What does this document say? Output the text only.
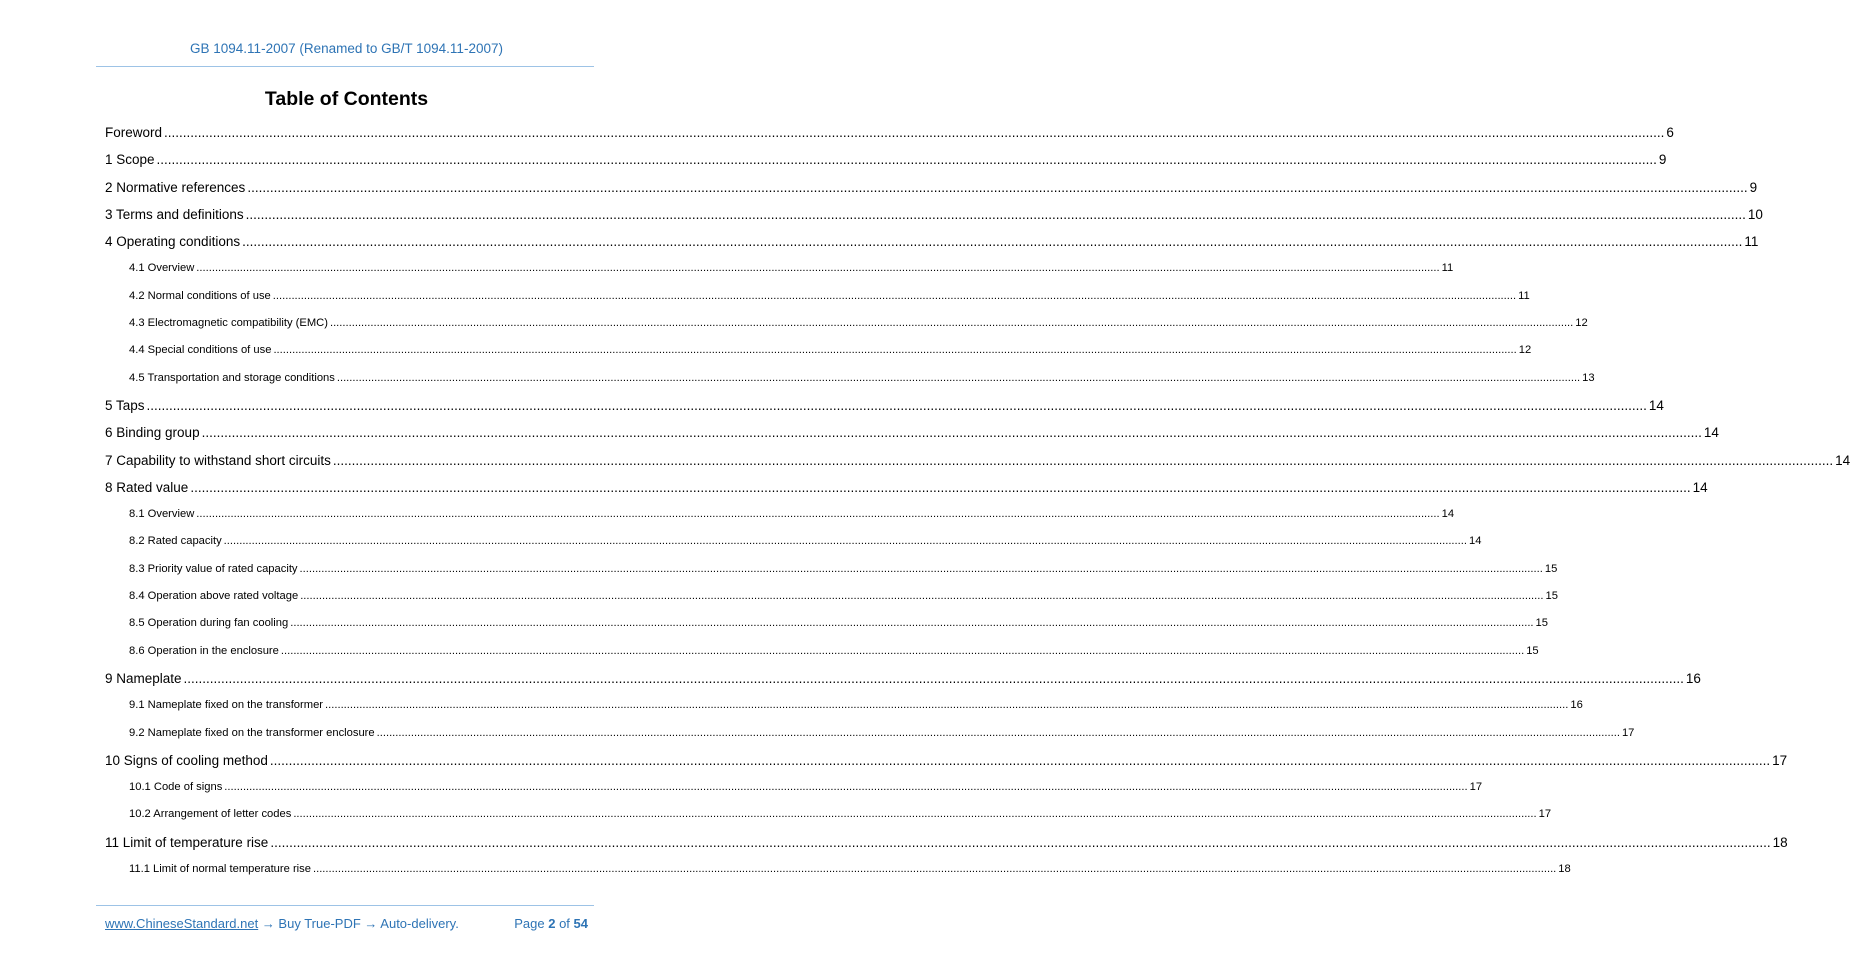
GB 1094.11-2007 (Renamed to GB/T 1094.11-2007)
Table of Contents
Foreword ................................................................................................................................................................................................................................................................................................................................................................................................................ 6
1 Scope ................................................................................................................................................................................................................................................................................................................................................................................................................ 9
2 Normative references ................................................................................................................................................................................................................................................................................................................................................................................................................ 9
3 Terms and definitions ................................................................................................................................................................................................................................................................................................................................................................................................................ 10
4 Operating conditions ................................................................................................................................................................................................................................................................................................................................................................................................................ 11
4.1 Overview ................................................................................................................................................................................................................................................................................................................................................................................................................ 11
4.2 Normal conditions of use ................................................................................................................................................................................................................................................................................................................................................................................................................ 11
4.3 Electromagnetic compatibility (EMC) ................................................................................................................................................................................................................................................................................................................................................................................................................ 12
4.4 Special conditions of use ................................................................................................................................................................................................................................................................................................................................................................................................................ 12
4.5 Transportation and storage conditions ................................................................................................................................................................................................................................................................................................................................................................................................................ 13
5 Taps ................................................................................................................................................................................................................................................................................................................................................................................................................ 14
6 Binding group ................................................................................................................................................................................................................................................................................................................................................................................................................ 14
7 Capability to withstand short circuits ................................................................................................................................................................................................................................................................................................................................................................................................................ 14
8 Rated value ................................................................................................................................................................................................................................................................................................................................................................................................................ 14
8.1 Overview ................................................................................................................................................................................................................................................................................................................................................................................................................ 14
8.2 Rated capacity ................................................................................................................................................................................................................................................................................................................................................................................................................ 14
8.3 Priority value of rated capacity ................................................................................................................................................................................................................................................................................................................................................................................................................ 15
8.4 Operation above rated voltage ................................................................................................................................................................................................................................................................................................................................................................................................................ 15
8.5 Operation during fan cooling ................................................................................................................................................................................................................................................................................................................................................................................................................ 15
8.6 Operation in the enclosure ................................................................................................................................................................................................................................................................................................................................................................................................................ 15
9 Nameplate ................................................................................................................................................................................................................................................................................................................................................................................................................ 16
9.1 Nameplate fixed on the transformer ................................................................................................................................................................................................................................................................................................................................................................................................................ 16
9.2 Nameplate fixed on the transformer enclosure ................................................................................................................................................................................................................................................................................................................................................................................................................ 17
10 Signs of cooling method ................................................................................................................................................................................................................................................................................................................................................................................................................ 17
10.1 Code of signs ................................................................................................................................................................................................................................................................................................................................................................................................................ 17
10.2 Arrangement of letter codes ................................................................................................................................................................................................................................................................................................................................................................................................................ 17
11 Limit of temperature rise ................................................................................................................................................................................................................................................................................................................................................................................................................ 18
11.1 Limit of normal temperature rise ................................................................................................................................................................................................................................................................................................................................................................................................................ 18
www.ChineseStandard.net → Buy True-PDF → Auto-delivery.	Page 2 of 54
